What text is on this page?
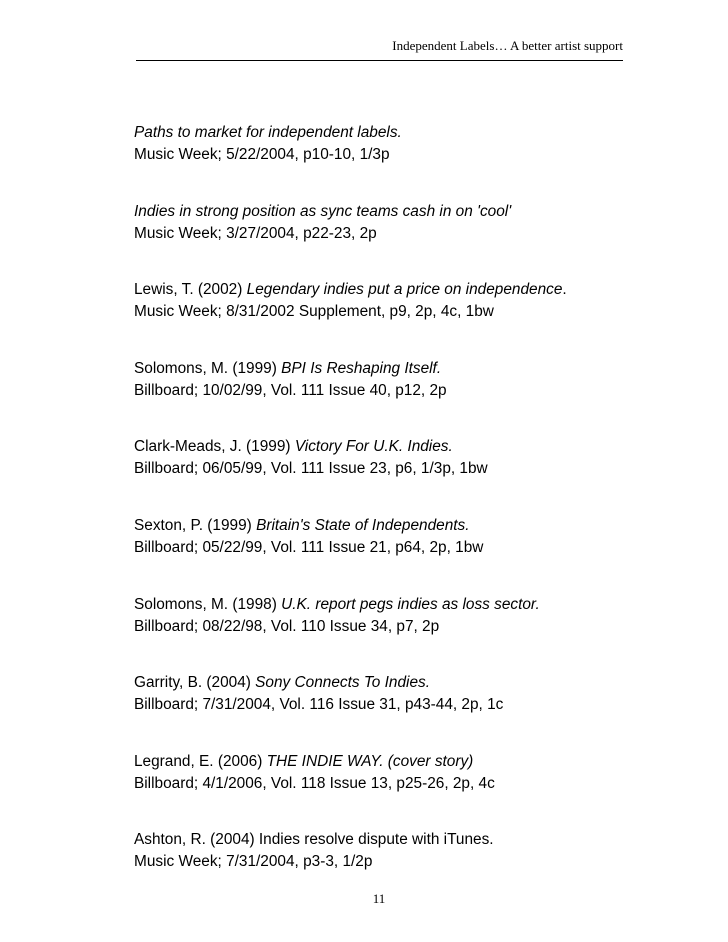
Independent Labels… A better artist support
Paths to market for independent labels.
Music Week; 5/22/2004, p10-10, 1/3p
Indies in strong position as sync teams cash in on 'cool'
Music Week; 3/27/2004, p22-23, 2p
Lewis, T. (2002) Legendary indies put a price on independence.
Music Week; 8/31/2002 Supplement, p9, 2p, 4c, 1bw
Solomons, M. (1999) BPI Is Reshaping Itself.
Billboard; 10/02/99, Vol. 111 Issue 40, p12, 2p
Clark-Meads, J. (1999) Victory For U.K. Indies.
Billboard; 06/05/99, Vol. 111 Issue 23, p6, 1/3p, 1bw
Sexton, P. (1999) Britain's State of Independents.
Billboard; 05/22/99, Vol. 111 Issue 21, p64, 2p, 1bw
Solomons, M. (1998) U.K. report pegs indies as loss sector.
Billboard; 08/22/98, Vol. 110 Issue 34, p7, 2p
Garrity, B. (2004) Sony Connects To Indies.
Billboard; 7/31/2004, Vol. 116 Issue 31, p43-44, 2p, 1c
Legrand, E. (2006) THE INDIE WAY. (cover story)
Billboard; 4/1/2006, Vol. 118 Issue 13, p25-26, 2p, 4c
Ashton, R. (2004) Indies resolve dispute with iTunes.
Music Week; 7/31/2004, p3-3, 1/2p
11
